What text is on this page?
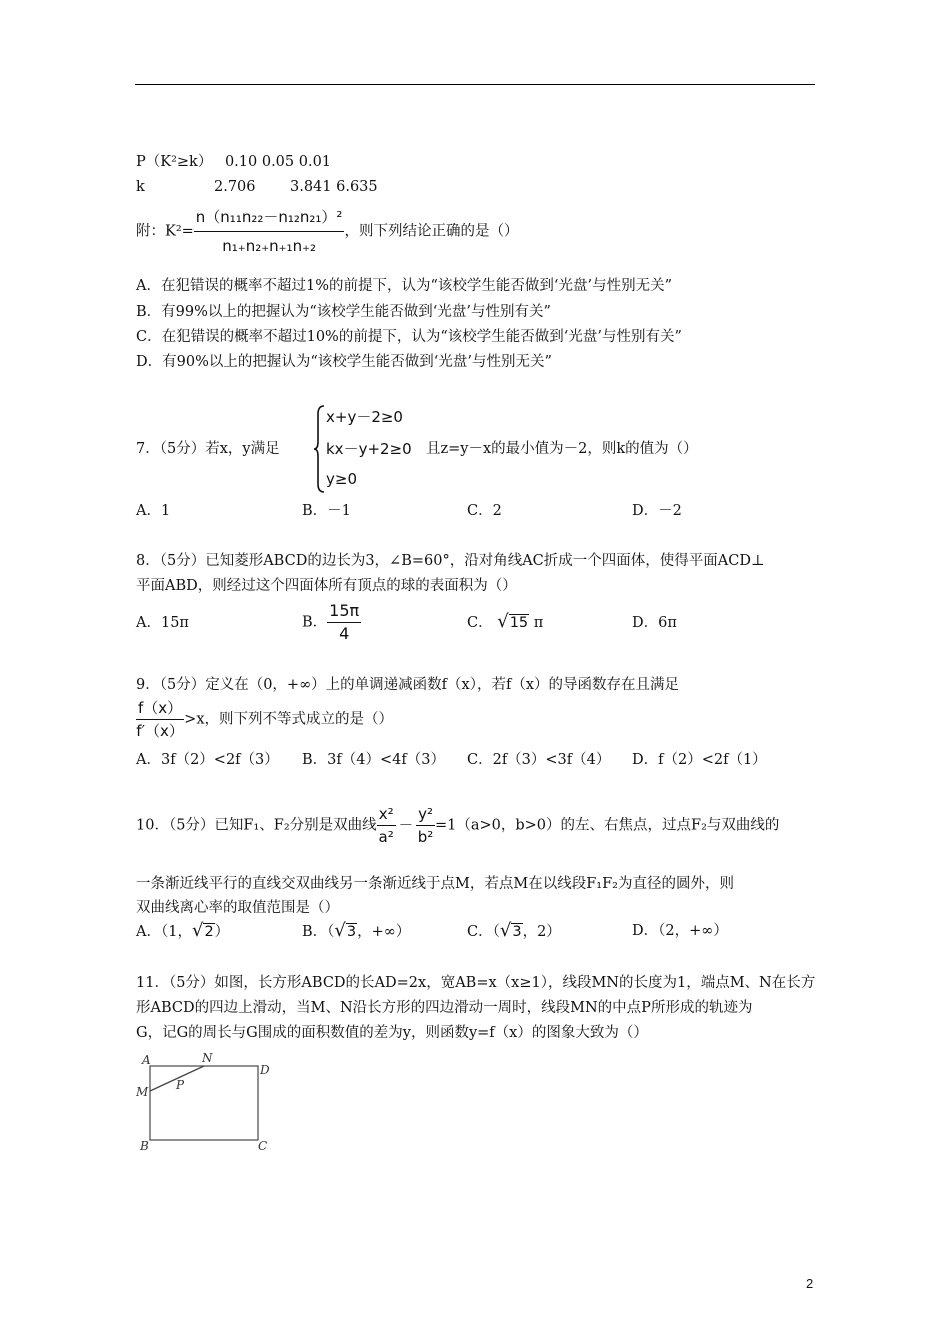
P（K²≥k） 0.10 0.05 0.01
k	2.706 3.841 6.635
附：$K^2= \frac{\text{n（n₁₁n₂₂－n₁₂n₂₁）²}}{\text{n₁₊n₂₊n₊₁n₊₂}}$ ，则下列结论正确的是（）
A．在犯错误的概率不超过1%的前提下，认为“该校学生能否做到‘光盘’与性别无关”
B．有99%以上的把握认为“该校学生能否做到‘光盘’与性别有关”
C．在犯错误的概率不超过10%的前提下，认为“该校学生能否做到‘光盘’与性别有关”
D．有90%以上的把握认为“该校学生能否做到‘光盘’与性别无关”
7．（5分）若x，y满足
x+y－2≥0
kx－y+2≥0
y≥0
且z=y－x的最小值为－2，则k的值为（）
A．1	B．－1	C．2	D．－2
8．（5分）已知菱形ABCD的边长为3，∠B=60°，沿对角线AC折成一个四面体，使得平面ACD⊥
平面ABD，则经过这个四面体所有顶点的球的表面积为（）
A．15π	B． $\frac{15\pi}{4}$	C． √15 π	D．6π
9．（5分）定义在（0，+∞）上的单调递减函数f（x），若f（x）的导函数存在且满足
$\frac{f(x)}{f'(x)} >x$，则下列不等式成立的是（）
A．3f（2）<2f（3） B．3f（4）<4f（3） C．2f（3）<3f（4） D．f（2）<2f（1）
10．（5分）已知F₁、F₂分别是双曲线 $\frac{\text{x²}}{\text{a²}} - \frac{\text{y²}}{\text{b²}} =1(a>0$，b>0）的左、右焦点，过点F₂与双曲线的
一条渐近线平行的直线交双曲线另一条渐近线于点M，若点M在以线段F₁F₂为直径的圆外，则
双曲线离心率的取值范围是（）
A．（1，√2）	B．（√3，+∞）	C．（√3，2）	D．（2，+∞）
11．（5分）如图，长方形ABCD的长AD=2x，宽AB=x（x≥1），线段MN的长度为1，端点M、N在长方
形ABCD的四边上滑动，当M、N沿长方形的四边滑动一周时，线段MN的中点P所形成的轨迹为
G，记G的周长与G围成的面积数值的差为y，则函数y=f（x）的图象大致为（）
A	N
D
M P
B	C
2
